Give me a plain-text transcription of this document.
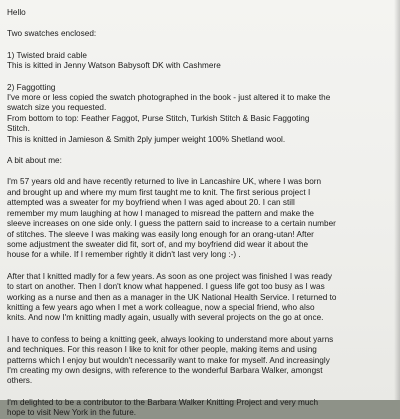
Hello

Two swatches enclosed:

1) Twisted braid cable

This is kitted in Jenny Watson Babysoft DK with Cashmere

2) Faggotting

I've more or less copied the swatch photographed in the book - just altered it to make the
swatch size you requested.
From bottom to top: Feather Faggot, Purse Stitch, Turkish Stitch & Basic Faggoting
Stitch.
This is knitted in Jamieson & Smith 2ply jumper weight 100% Shetland wool.

A bit about me:

I'm 57 years old and have recently returned to live in Lancashire UK, where I was born
and brought up and where my mum first taught me to knit. The first serious project I
attempted was a sweater for my boyfriend when I was aged about 20. I can still
remember my mum laughing at how I managed to misread the pattern and make the
sleeve increases on one side only. I guess the pattern said to increase to a certain number
of stitches. The sleeve I was making was easily long enough for an orang-utan! After
some adjustment the sweater did fit, sort of, and my boyfriend did wear it about the
house for a while. If I remember rightly it didn't last very long :-) .
After that I knitted madly for a few years. As soon as one project was finished I was ready
to start on another. Then I don't know what happened. I guess life got too busy as I was
working as a nurse and then as a manager in the UK National Health Service. I returned to
knitting a few years ago when I met a work colleague, now a special friend, who also
knits. And now I'm knitting madly again, usually with several projects on the go at once.
I have to confess to being a knitting geek, always looking to understand more about yarns
and techniques. For this reason I like to knit for other people, making items and using
patterns which I enjoy but wouldn't necessarily want to make for myself. And increasingly
I'm creating my own designs, with reference to the wonderful Barbara Walker, amongst
others.
I'm delighted to be a contributor to the Barbara Walker Knitting Project and very much
hope to visit New York in the future.
